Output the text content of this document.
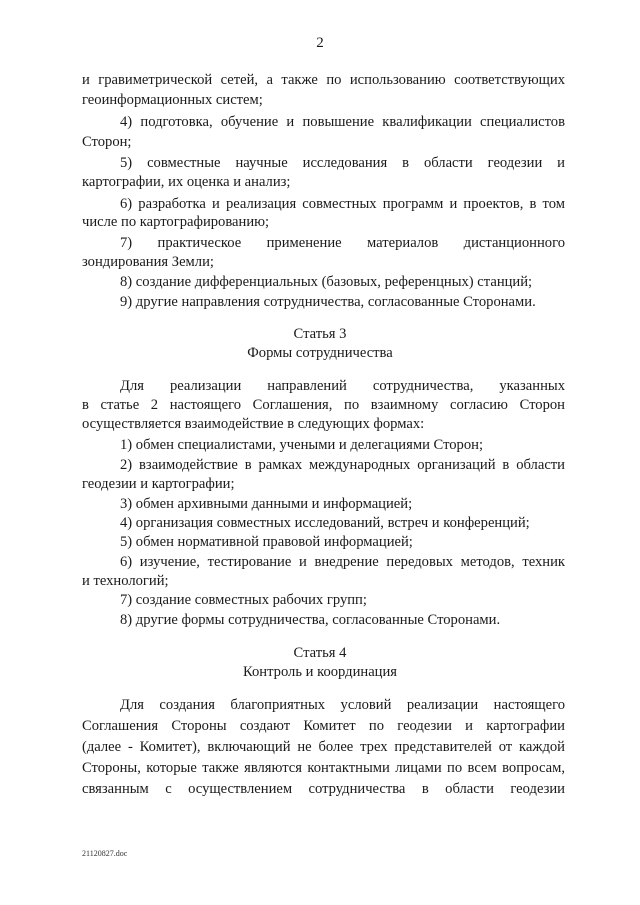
2
и гравиметрической сетей, а также по использованию соответствующих
геоинформационных систем;
4) подготовка, обучение и повышение квалификации специалистов
Сторон;
5) совместные научные исследования в области геодезии и
картографии, их оценка и анализ;
6) разработка и реализация совместных программ и проектов, в том
числе по картографированию;
7) практическое применение материалов дистанционного
зондирования Земли;
8) создание дифференциальных (базовых, референцных) станций;
9) другие направления сотрудничества, согласованные Сторонами.
Статья 3
Формы сотрудничества
Для реализации направлений сотрудничества, указанных
в статье 2 настоящего Соглашения, по взаимному согласию Сторон
осуществляется взаимодействие в следующих формах:
1) обмен специалистами, учеными и делегациями Сторон;
2) взаимодействие в рамках международных организаций в области
геодезии и картографии;
3) обмен архивными данными и информацией;
4) организация совместных исследований, встреч и конференций;
5) обмен нормативной правовой информацией;
6) изучение, тестирование и внедрение передовых методов, техник
и технологий;
7) создание совместных рабочих групп;
8) другие формы сотрудничества, согласованные Сторонами.
Статья 4
Контроль и координация
Для создания благоприятных условий реализации настоящего
Соглашения Стороны создают Комитет по геодезии и картографии
(далее - Комитет), включающий не более трех представителей от каждой
Стороны, которые также являются контактными лицами по всем вопросам,
связанным с осуществлением сотрудничества в области геодезии
21120827.doc
